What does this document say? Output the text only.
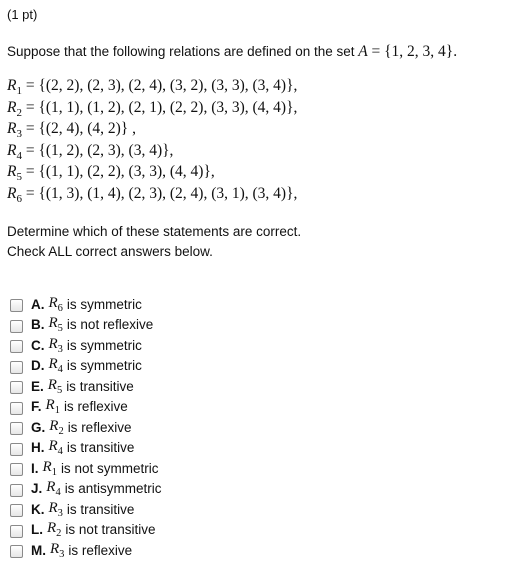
(1 pt)
Suppose that the following relations are defined on the set A = {1, 2, 3, 4}.
$R_1 = \{(2$, 2), (2, 3), (2, 4), (3, 2), (3, 3), (3, 4)},
$R_2 = \{(1$, 1), (1, 2), (2, 1), (2, 2), (3, 3), (4, 4)},
$R_3 = \{(2$, 4), (4, 2)} ,
$R_4 = \{(1$, 2), (2, 3), (3, 4)},
$R_5 = \{(1$, 1), (2, 2), (3, 3), (4, 4)},
$R_6 = \{(1$, 3), (1, 4), (2, 3), (2, 4), (3, 1), (3, 4)},
Determine which of these statements are correct.
Check ALL correct answers below.
A. $R_6$ is symmetric
B. $R_5$ is not reflexive
C. $R_3$ is symmetric
D. $R_4$ is symmetric
E. $R_5$ is transitive
F. $R_1$ is reflexive
G. $R_2$ is reflexive
H. $R_4$ is transitive
I. $R_1$ is not symmetric
J. $R_4$ is antisymmetric
K. $R_3$ is transitive
L. $R_2$ is not transitive
M. $R_3$ is reflexive
